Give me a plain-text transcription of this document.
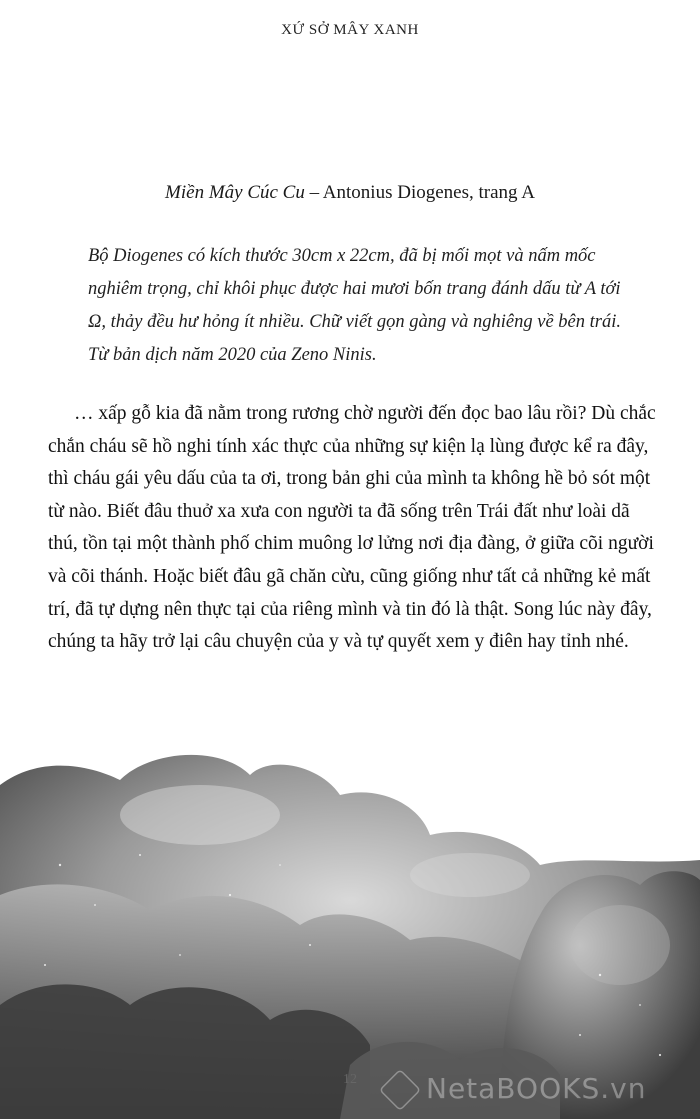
XỨ SỞ MÂY XANH
Miền Mây Cúc Cu – Antonius Diogenes, trang A
Bộ Diogenes có kích thước 30cm x 22cm, đã bị mối mọt và nấm mốc nghiêm trọng, chỉ khôi phục được hai mươi bốn trang đánh dấu từ A tới Ω, thảy đều hư hỏng ít nhiều. Chữ viết gọn gàng và nghiêng về bên trái. Từ bản dịch năm 2020 của Zeno Ninis.
… xấp gỗ kia đã nằm trong rương chờ người đến đọc bao lâu rồi? Dù chắc chắn cháu sẽ hồ nghi tính xác thực của những sự kiện lạ lùng được kể ra đây, thì cháu gái yêu dấu của ta ơi, trong bản ghi của mình ta không hề bỏ sót một từ nào. Biết đâu thuở xa xưa con người ta đã sống trên Trái đất như loài dã thú, tồn tại một thành phố chim muông lơ lửng nơi địa đàng, ở giữa cõi người và cõi thánh. Hoặc biết đâu gã chăn cừu, cũng giống như tất cả những kẻ mất trí, đã tự dựng nên thực tại của riêng mình và tin đó là thật. Song lúc này đây, chúng ta hãy trở lại câu chuyện của y và tự quyết xem y điên hay tỉnh nhé.
12	NetaBOOKS.vn
